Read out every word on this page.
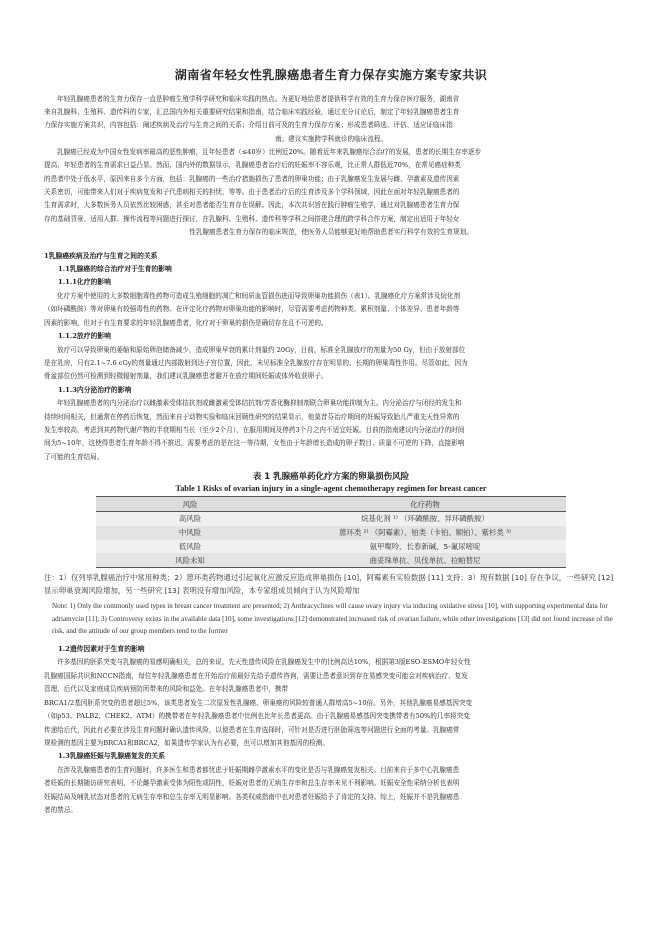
湖南省年轻女性乳腺癌患者生育力保存实施方案专家共识

年轻乳腺癌患者的生育力保存一直是肿瘤生殖学科学研究和临床实践的热点。为更好地给患者提供科学有效的生育力保存医疗服务，湖南省

来自乳腺科、生殖科、遗传科的专家，汇总国内外相关重要研究结果和指南，结合临床实践经验，通过充分讨论后，制定了年轻乳腺癌患者生育

力保存实施方案共识，内容包括：阐述疾病及治疗与生育之间的关系；介绍目前可及的生育力保存方案；形成患者筛选、评估、适应证临床指

南；建议实施跨学科就诊的临床流程。

乳腺癌已经成为中国女性发病率最高的恶性肿瘤，且年轻患者（≤40岁）比例近20%。随着近年来乳腺癌综合治疗的发展，患者的长期生存率逐步

提高，年轻患者的生育需求日益凸显。然而，国内外的数据显示，乳腺癌患者治疗后的妊娠率不容乐观，比正常人群低近70%，在常见癌症种类

的患者中处于低水平，原因来自多个方面，包括：乳腺癌的一些治疗措施损伤了患者的卵巢功能；由于乳腺癌发生发展与雌、孕激素及遗传因素

关系密切，可能带来人们对于疾病复发和子代患病相关的担忧，等等。由于患者治疗后的生育涉及多个学科领域，因此在面对年轻乳腺癌患者的

生育需求时，大多数医务人员依然比较困惑，甚至对患者能否生育存在误解。因此，本次共识旨在践行肿瘤生殖学，通过对乳腺癌患者生育力保

存的基础背景、适用人群、操作流程等问题进行探讨，在乳腺科、生殖科、遗传科等学科之间搭建合理的跨学科合作方案，制定出适用于年轻女

性乳腺癌患者生育力保存的临床规范，使医务人员能够更好地帮助患者实行科学有效的生育规划。

1乳腺癌疾病及治疗与生育之间的关系
1.1乳腺癌的综合治疗对于生育的影响
1.1.1化疗的影响

化疗方案中使用的大多数细胞毒性药物可造成生殖细胞的凋亡和间质血管损伤进而导致卵巢功能损伤（表1）。乳腺癌化疗方案常涉及烷化剂

（如环磷酰胺）等对卵巢有较强毒性的药物。在评定化疗药物对卵巢功能的影响时，尽管需要考虑药物种类、累积剂量、个体差异、患者年龄等

因素的影响，但对于有生育要求的年轻乳腺癌患者，化疗对于卵巢的损伤是确切存在且不可逆的。

1.1.2放疗的影响

放疗可以导致卵巢的萎缩和原始卵泡储备减少，造成卵巢早衰的累计剂量约 20Gy，目前，标准全乳腺放疗的剂量为50 Gy，但由于放射部位

是在乳房，只有2.1~7.6 cGy的剂量通过内部散射到达子宫位置，因此，未见标准全乳腺放疗存在明显的、长期的卵巢毒性作用。尽管如此，因为

骨盆部位仍然可检测到轻微辐射剂量，我们建议乳腺癌患者避开在放疗期间妊娠或体外收获卵子。

1.1.3内分泌治疗的影响

年轻乳腺癌患者的内分泌治疗以雌激素受体拮抗剂或雌激素受体结抗剂/芳香化酶抑制剂联合卵巢功能抑制为主。内分泌治疗与闭经的发生和

持续时间相关，但通常在停药后恢复，然而来自于动物实验和临床回顾性研究的结果显示，他莫昔芬治疗期间的妊娠导致胎儿严重先天性异常的

发生率较高，考虑到其药物代谢产物的半衰期相当长（至少2个月），在服用期间及停药3个月之内不适宜妊娠。目前的指南建议内分泌治疗的时间

间为5~10年，这使得患者生育年龄不得不推迟，需要考虑的是在这一等待期，女性由于年龄增长造成的卵子数目、质量不可逆的下降，直接影响

了可能的生育结局。

表 1 乳腺癌单药化疗方案的卵巢损伤风险
Table 1 Risks of ovarian injury in a single-agent chemotherapy regimen for breast cancer
风险	化疗药物
高风险	烷基化剂 ¹⁾ （环磷酰胺、异环磷酰胺）
中风险	蒽环类 ²⁾ （阿霉素）、铂类（卡铂、顺铂）、紫杉类 ³⁾
低风险	氨甲喋呤、长春新碱、5-氟尿嘧啶
风险未知	曲妥珠单抗、贝伐单抗、拉帕替尼
注：1）仅列举乳腺癌治疗中常用种类；2）蒽环类药物通过引起氧化应激反应造成卵巢损伤 [10]，阿霉素有实验数据 [11] 支持；3）现有数据 [10] 存在争议，一些研究 [12] 显示卵巢衰竭风险增加，另一些研究 [13] 表明没有增加风险，本专家组成员倾向于认为风险增加
Note: 1) Only the commonly used types in breast cancer treatment are presented; 2) Anthracyclines will cause ovary injury via inducing oxidative stress [10], with supporting experimental data for adriamycin [11]; 3) Controversy exists in the available data [10], some investigations [12] demonstrated increased risk of ovarian failure, while other investigations [13] did not found increase of the risk, and the attitude of our group members tend to the former
1.2遗传因素对于生育的影响

许多基因的胚系突变与乳腺癌的易感明确相关，总的来说，先天性遗传风险在乳腺癌发生中的比例高达10%，根据第3版ESO-ESMO年轻女性

乳腺癌国际共识和NCCN指南，每位年轻乳腺癌患者在开始治疗前最好先给予遗传咨询，需要让患者意识到存在易感突变可能会对疾病治疗、复发

管理、后代以及家庭成员疾病预防所带来的风险和益处。在年轻乳腺癌患者中，携带

BRCA1/2基因胚系突变的患者超过5%，该类患者发生二次原发性乳腺癌、卵巢癌的风险较普通人群增高5~10倍。另外，其他乳腺癌易感基因突变

（如p53、PALB2、CHEK2、ATM）的携带者在年轻乳腺癌患者中比例也比年长患者更高。由于乳腺癌易感基因突变携带者有50%的几率将突变

传递给后代，因此有必要在涉及生育问题时确认遗传风险，以便患者在生育选择时，可针对是否进行胚胎筛选等问题进行全面的考量。乳腺癌常

规检测的基因主要为BRCA1和BRCA2，如果遗传学家认为有必要，也可以增加其他基因的检测。

1.3乳腺癌妊娠与乳腺癌复发的关系

在涉及乳腺癌患者的生育问题时，许多医生和患者都忧虑于妊娠期雌孕激素水平的变化是否与乳腺癌复发相关。目前来自于多中心乳腺癌患

者妊娠的长期随访研究表明，不论雌孕激素受体为阳性或阴性，妊娠对患者的无病生存率和总生存率未见不利影响。妊娠安全性采纳分析也表明

妊娠结局及哺乳状态对患者的无病生存率和总生存率无明显影响。各类权威指南中也对患者妊娠给予了肯定的支持。综上，妊娠并不是乳腺癌患

者的禁忌。
